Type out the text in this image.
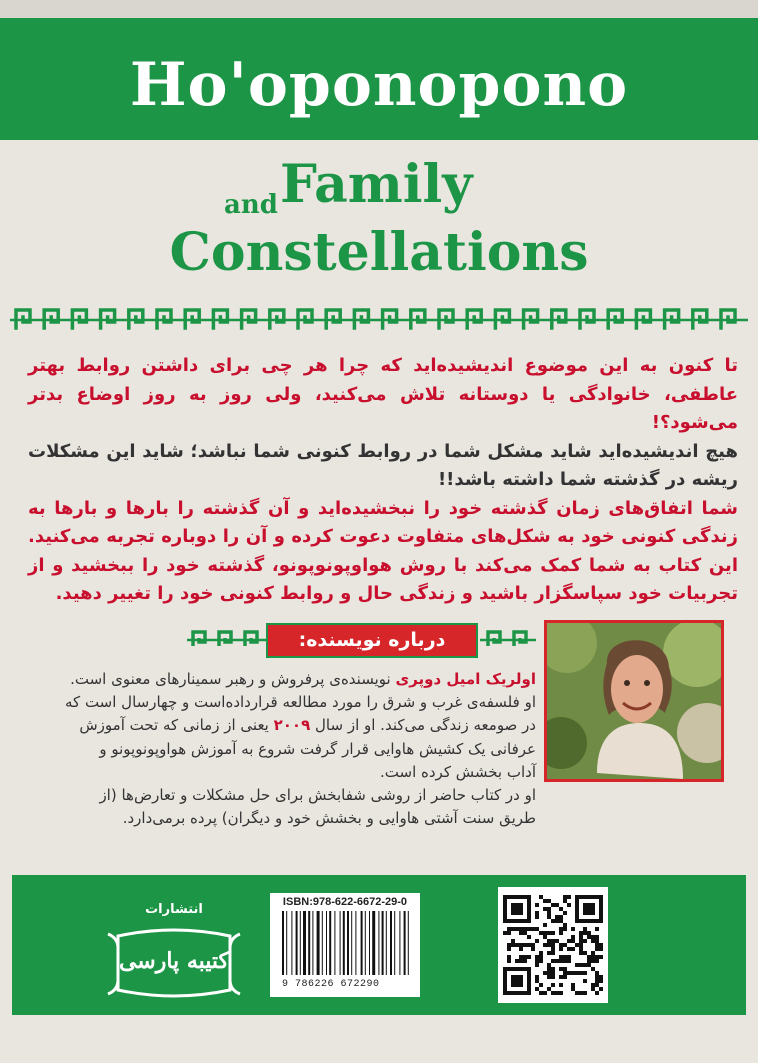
Ho'oponopono
and Family
Constellations
تا کنون به این موضوع اندیشیده‌اید که چرا هر چی برای داشتن روابط بهتر عاطفی، خانوادگی یا دوستانه تلاش می‌کنید، ولی روز به روز اوضاع بدتر می‌شود؟!
هیچ اندیشیده‌اید شاید مشکل شما در روابط کنونی شما نباشد؛ شاید این مشکلات ریشه در گذشته شما داشته باشد!!
شما اتفاق‌های زمان گذشته خود را نبخشیده‌اید و آن گذشته را بارها و بارها به زندگی کنونی خود به شکل‌های متفاوت دعوت کرده و آن را دوباره تجربه می‌کنید. این کتاب به شما کمک می‌کند با روش هواوپونوپونو، گذشته خود را ببخشید و از تجربیات خود سپاسگزار باشید و زندگی حال و روابط کنونی خود را تغییر دهید.
درباره نویسنده:
اولریک امیل دوپری نویسنده‌ی پرفروش و رهبر سمینارهای معنوی است.
او فلسفه‌ی غرب و شرق را مورد مطالعه قرارداده‌است و چهارسال است که
در صومعه زندگی می‌کند. او از سال ۲۰۰۹ یعنی از زمانی که تحت آموزش
عرفانی یک کشیش هاوایی قرار گرفت شروع به آموزش هواوپونوپونو و
آداب بخشش کرده است.
او در کتاب حاضر از روشی شفابخش برای حل مشکلات و تعارض‌ها (از
طریق سنت آشتی هاوایی و بخشش خود و دیگران) پرده برمی‌دارد.
انتشارات
کتیبه پارسی
ISBN:978-622-6672-29-0
9 786226 672290
